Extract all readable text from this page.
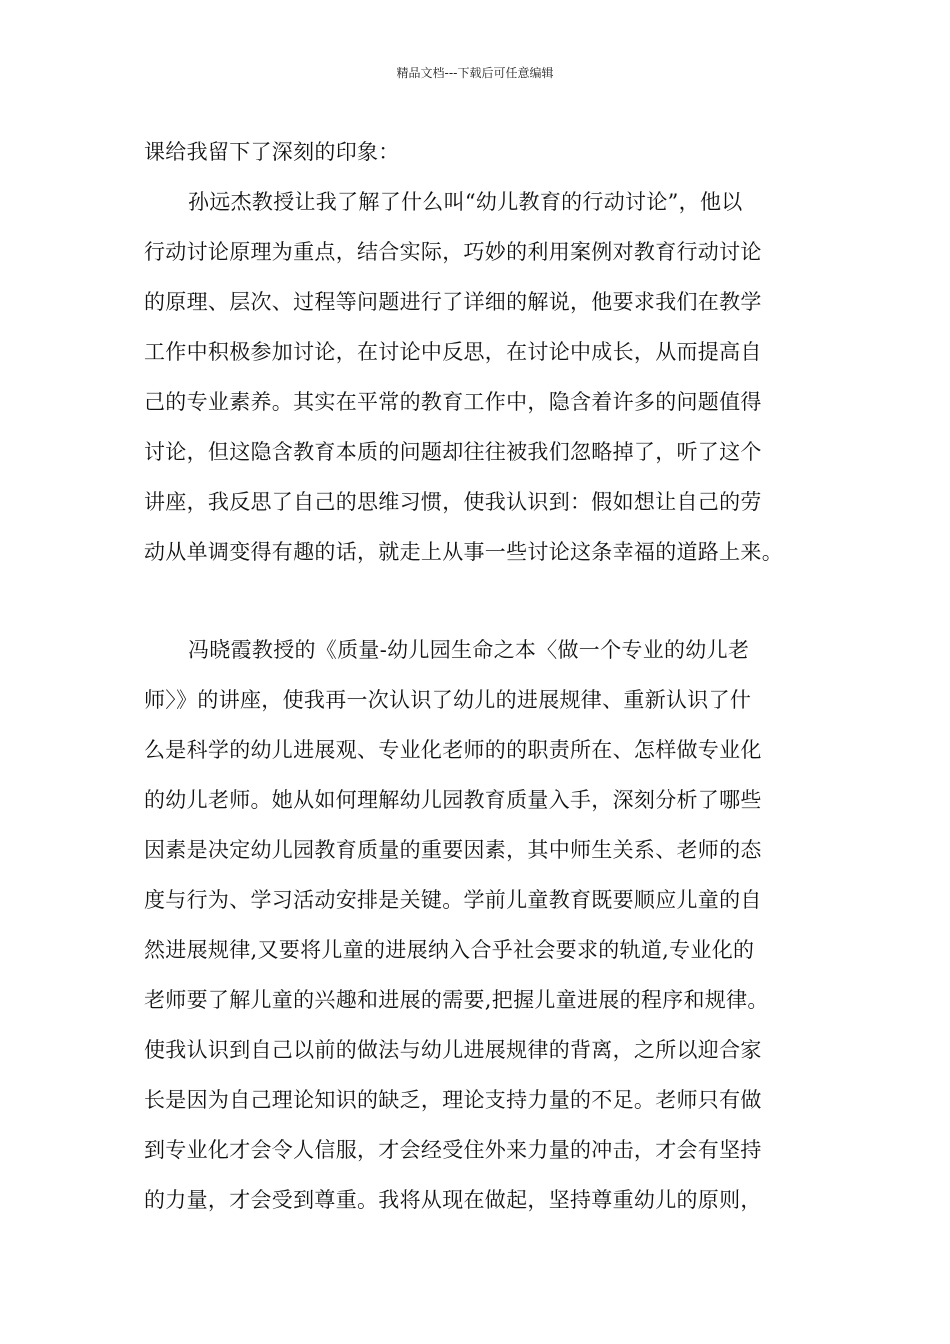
精品文档---下载后可任意编辑
课给我留下了深刻的印象：
孙远杰教授让我了解了什么叫“幼儿教育的行动讨论”，他以
行动讨论原理为重点，结合实际，巧妙的利用案例对教育行动讨论
的原理、层次、过程等问题进行了详细的解说，他要求我们在教学
工作中积极参加讨论，在讨论中反思，在讨论中成长，从而提高自
己的专业素养。其实在平常的教育工作中，隐含着许多的问题值得
讨论，但这隐含教育本质的问题却往往被我们忽略掉了，听了这个
讲座，我反思了自己的思维习惯，使我认识到：假如想让自己的劳
动从单调变得有趣的话，就走上从事一些讨论这条幸福的道路上来。
冯晓霞教授的《质量-幼儿园生命之本〈做一个专业的幼儿老
师〉》的讲座，使我再一次认识了幼儿的进展规律、重新认识了什
么是科学的幼儿进展观、专业化老师的的职责所在、怎样做专业化
的幼儿老师。她从如何理解幼儿园教育质量入手，深刻分析了哪些
因素是决定幼儿园教育质量的重要因素，其中师生关系、老师的态
度与行为、学习活动安排是关键。学前儿童教育既要顺应儿童的自
然进展规律,又要将儿童的进展纳入合乎社会要求的轨道,专业化的
老师要了解儿童的兴趣和进展的需要,把握儿童进展的程序和规律。
使我认识到自己以前的做法与幼儿进展规律的背离，之所以迎合家
长是因为自己理论知识的缺乏，理论支持力量的不足。老师只有做
到专业化才会令人信服，才会经受住外来力量的冲击，才会有坚持
的力量，才会受到尊重。我将从现在做起，坚持尊重幼儿的原则，
